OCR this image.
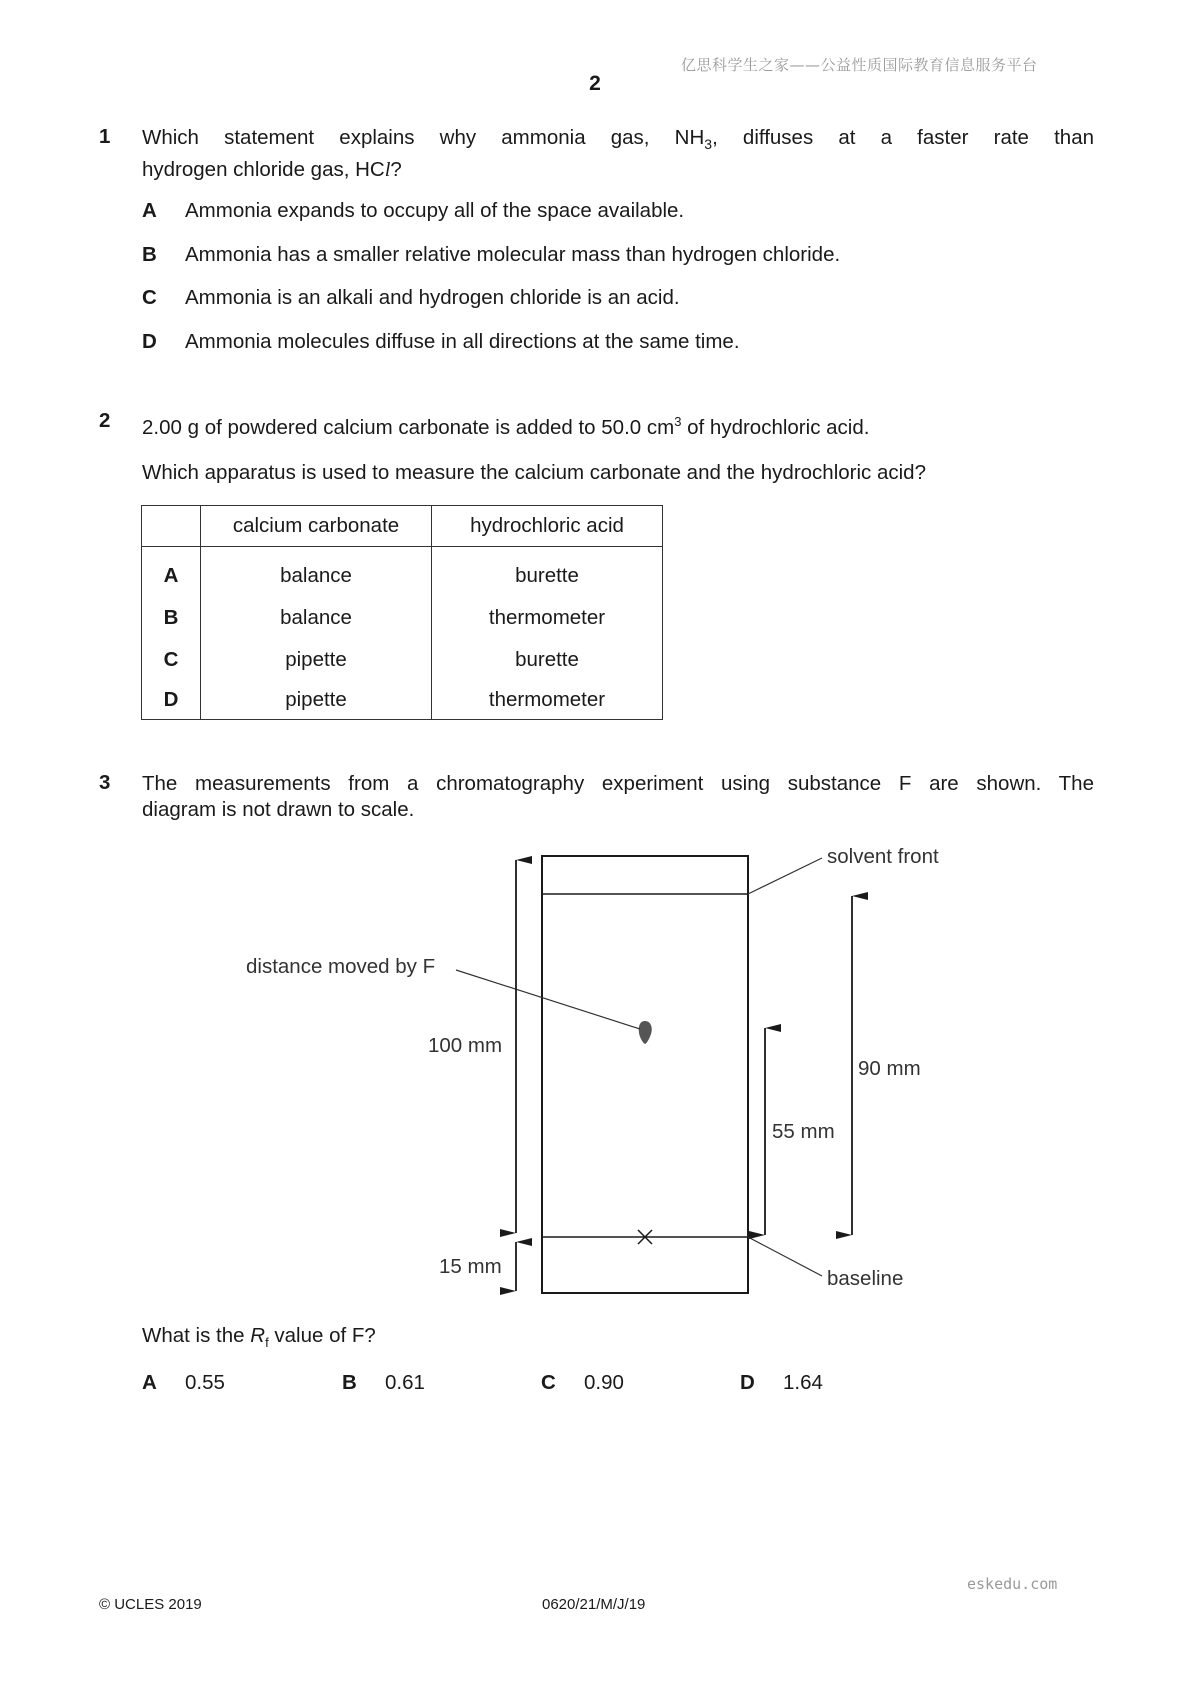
亿思科学生之家——公益性质国际教育信息服务平台
2
1 Which statement explains why ammonia gas, $NH_3$, diffuses at a faster rate than
hydrogen chloride gas, HCl?
A Ammonia expands to occupy all of the space available.
B Ammonia has a smaller relative molecular mass than hydrogen chloride.
C Ammonia is an alkali and hydrogen chloride is an acid.
D Ammonia molecules diffuse in all directions at the same time.
2 2.00 g of powdered calcium carbonate is added to 50.0 $cm^3$ of hydrochloric acid.
Which apparatus is used to measure the calcium carbonate and the hydrochloric acid?
	calcium carbonate	hydrochloric acid
A	balance	burette
B	balance	thermometer
C	pipette	burette
D	pipette	thermometer
3 The measurements from a chromatography experiment using substance F are shown. The
diagram is not drawn to scale.
solvent front
distance moved by F
100 mm
90 mm
55 mm
15 mm
baseline
What is the $R_f$ value of F?
A 0.55	B 0.61	C 0.90	D 1.64
eskedu.com
© UCLES 2019	0620/21/M/J/19
